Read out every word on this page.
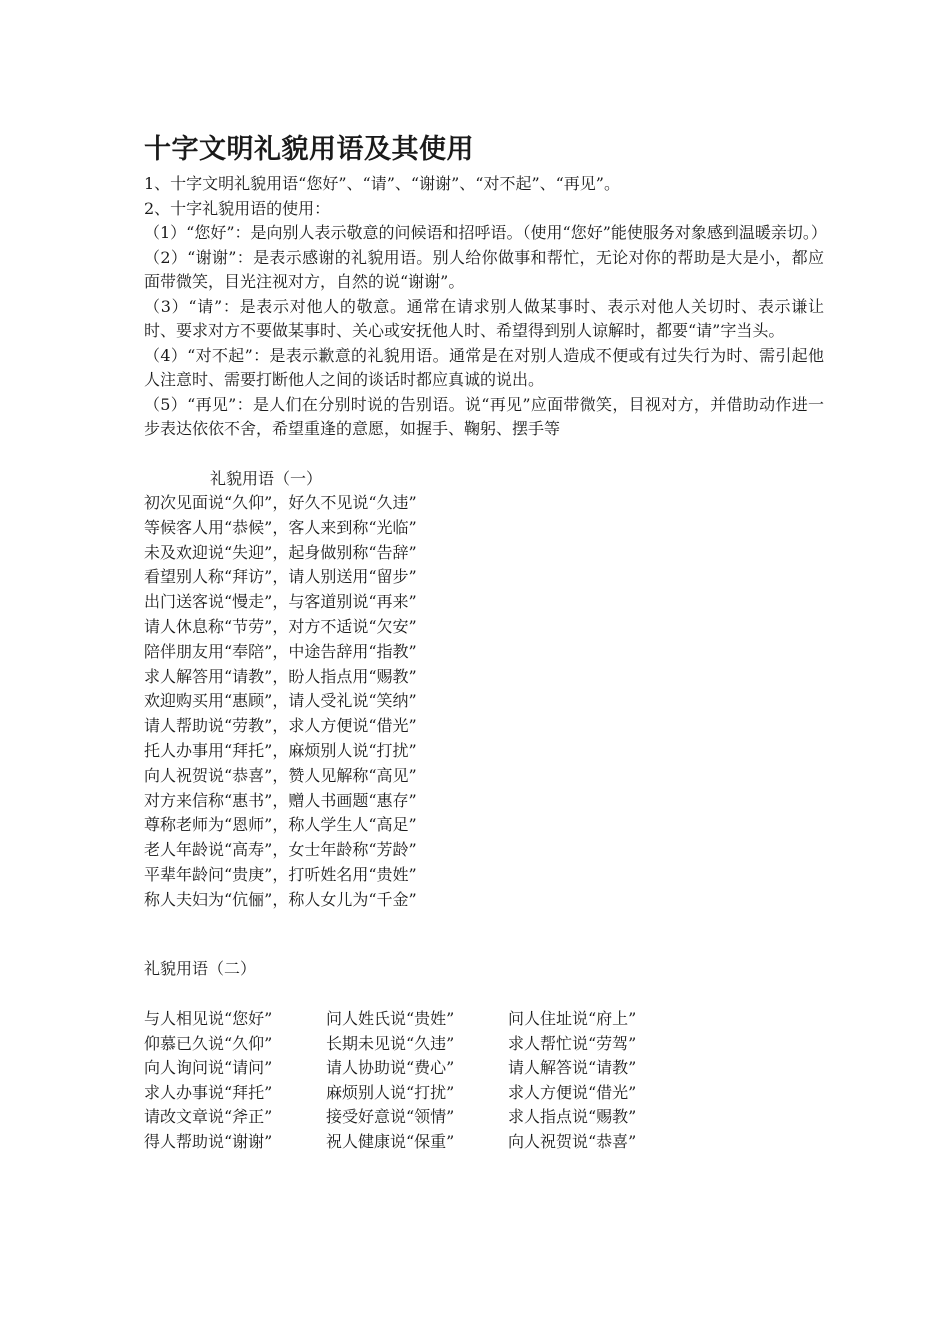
十字文明礼貌用语及其使用

1、十字文明礼貌用语“您好”、“请”、“谢谢”、“对不起”、“再见”。

2、十字礼貌用语的使用：

（1）“您好”：是向别人表示敬意的问候语和招呼语。（使用“您好”能使服务对象感到温暖亲切。）

（2）“谢谢”：是表示感谢的礼貌用语。别人给你做事和帮忙，无论对你的帮助是大是小，都应面带微笑，目光注视对方，自然的说“谢谢”。

（3）“请”：是表示对他人的敬意。通常在请求别人做某事时、表示对他人关切时、表示谦让时、要求对方不要做某事时、关心或安抚他人时、希望得到别人谅解时，都要“请”字当头。

（4）“对不起”：是表示歉意的礼貌用语。通常是在对别人造成不便或有过失行为时、需引起他人注意时、需要打断他人之间的谈话时都应真诚的说出。

（5）“再见”：是人们在分别时说的告别语。说“再见”应面带微笑，目视对方，并借助动作进一步表达依依不舍，希望重逢的意愿，如握手、鞠躬、摆手等

礼貌用语（一）
初次见面说“久仰”，好久不见说“久违”
等候客人用“恭候”，客人来到称“光临”
未及欢迎说“失迎”，起身做别称“告辞”
看望别人称“拜访”，请人别送用“留步”
出门送客说“慢走”，与客道别说“再来”
请人休息称“节劳”，对方不适说“欠安”
陪伴朋友用“奉陪”，中途告辞用“指教”
求人解答用“请教”，盼人指点用“赐教”
欢迎购买用“惠顾”，请人受礼说“笑纳”
请人帮助说“劳教”，求人方便说“借光”
托人办事用“拜托”，麻烦别人说“打扰”
向人祝贺说“恭喜”，赞人见解称“高见”
对方来信称“惠书”，赠人书画题“惠存”
尊称老师为“恩师”，称人学生人“高足”
老人年龄说“高寿”，女士年龄称“芳龄”
平辈年龄问“贵庚”，打听姓名用“贵姓”
称人夫妇为“伉俪”，称人女儿为“千金”
礼貌用语（二）
与人相见说“您好”	问人姓氏说“贵姓”	问人住址说“府上”
仰慕已久说“久仰”	长期未见说“久违”	求人帮忙说“劳驾”
向人询问说“请问”	请人协助说“费心”	请人解答说“请教”
求人办事说“拜托”	麻烦别人说“打扰”	求人方便说“借光”
请改文章说“斧正”	接受好意说“领情”	求人指点说“赐教”
得人帮助说“谢谢”	祝人健康说“保重”	向人祝贺说“恭喜”
